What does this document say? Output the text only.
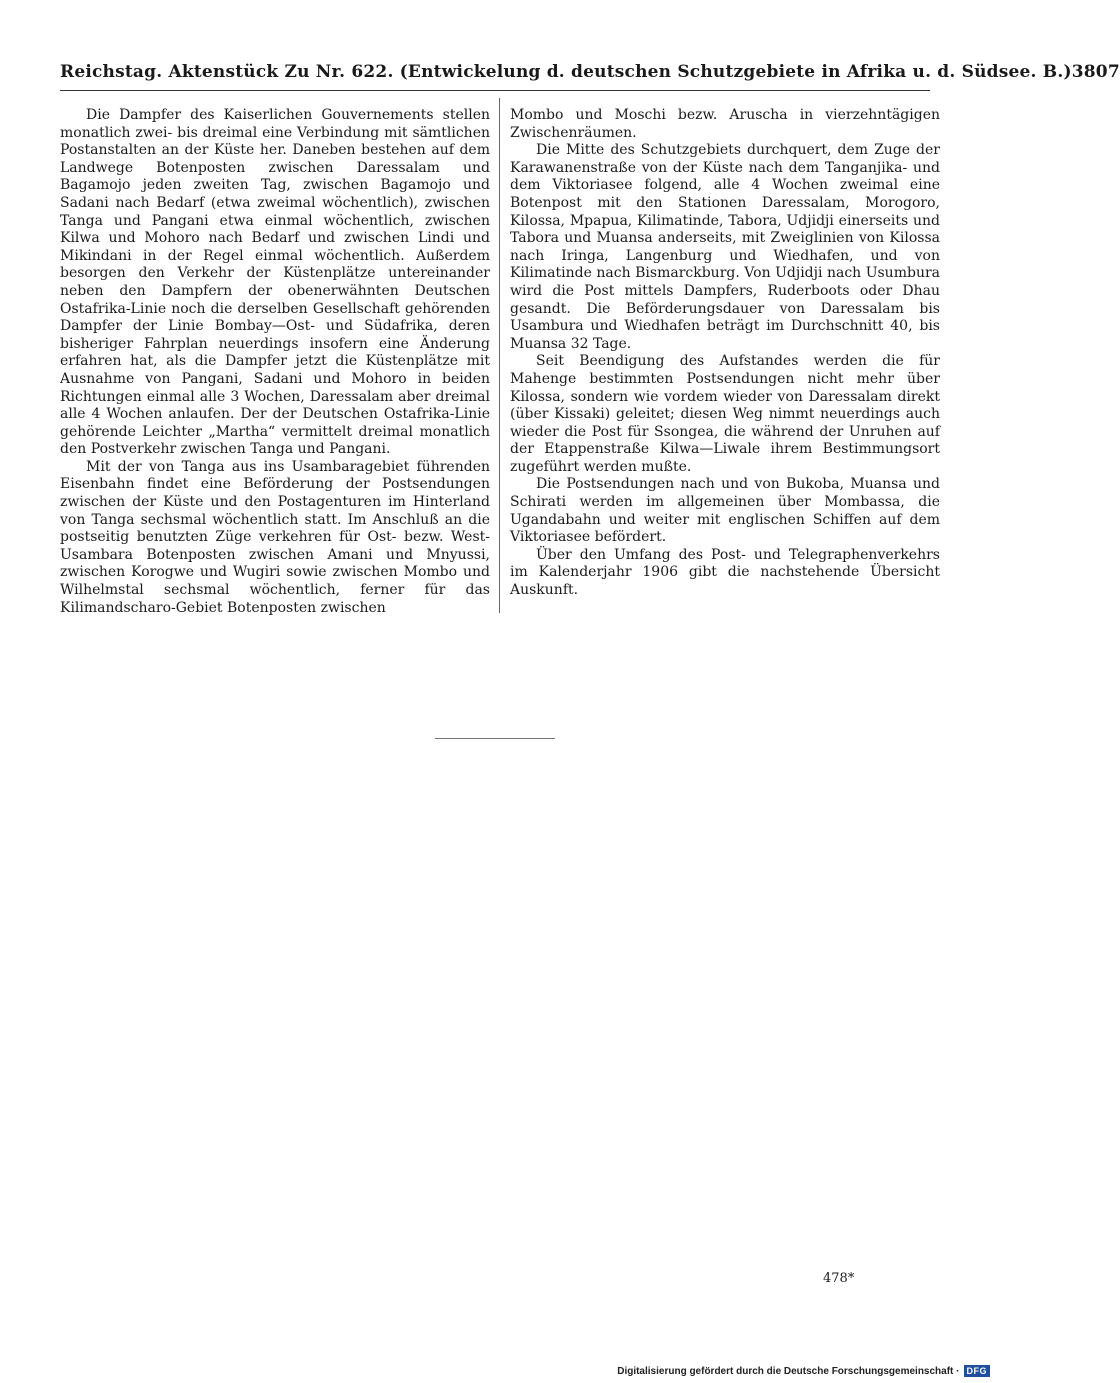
Reichstag. Aktenstück Zu Nr. 622. (Entwickelung d. deutschen Schutzgebiete in Afrika u. d. Südsee. B.) 3807

Die Dampfer des Kaiserlichen Gouvernements stellen monatlich zwei- bis dreimal eine Verbindung mit sämtlichen Postanstalten an der Küste her. Daneben bestehen auf dem Landwege Botenposten zwischen Daressalam und Bagamojo jeden zweiten Tag, zwischen Bagamojo und Sadani nach Bedarf (etwa zweimal wöchentlich), zwischen Tanga und Pangani etwa einmal wöchentlich, zwischen Kilwa und Mohoro nach Bedarf und zwischen Lindi und Mikindani in der Regel einmal wöchentlich. Außerdem besorgen den Verkehr der Küstenplätze untereinander neben den Dampfern der obenerwähnten Deutschen Ostafrika-Linie noch die derselben Gesellschaft gehörenden Dampfer der Linie Bombay—Ost- und Südafrika, deren bisheriger Fahrplan neuerdings insofern eine Änderung erfahren hat, als die Dampfer jetzt die Küstenplätze mit Ausnahme von Pangani, Sadani und Mohoro in beiden Richtungen einmal alle 3 Wochen, Daressalam aber dreimal alle 4 Wochen anlaufen. Der der Deutschen Ostafrika-Linie gehörende Leichter „Martha“ vermittelt dreimal monatlich den Postverkehr zwischen Tanga und Pangani.

Mit der von Tanga aus ins Usambaragebiet führenden Eisenbahn findet eine Beförderung der Postsendungen zwischen der Küste und den Postagenturen im Hinterland von Tanga sechsmal wöchentlich statt. Im Anschluß an die postseitig benutzten Züge verkehren für Ost- bezw. West-Usambara Botenposten zwischen Amani und Mnyussi, zwischen Korogwe und Wugiri sowie zwischen Mombo und Wilhelmstal sechsmal wöchentlich, ferner für das Kilimandscharo-Gebiet Botenposten zwischen

Mombo und Moschi bezw. Aruscha in vierzehntägigen Zwischenräumen.

Die Mitte des Schutzgebiets durchquert, dem Zuge der Karawanenstraße von der Küste nach dem Tanganjika- und dem Viktoriasee folgend, alle 4 Wochen zweimal eine Botenpost mit den Stationen Daressalam, Morogoro, Kilossa, Mpapua, Kilimatinde, Tabora, Udjidji einerseits und Tabora und Muansa anderseits, mit Zweiglinien von Kilossa nach Iringa, Langenburg und Wiedhafen, und von Kilimatinde nach Bismarckburg. Von Udjidji nach Usumbura wird die Post mittels Dampfers, Ruderboots oder Dhau gesandt. Die Beförderungsdauer von Daressalam bis Usambura und Wiedhafen beträgt im Durchschnitt 40, bis Muansa 32 Tage.

Seit Beendigung des Aufstandes werden die für Mahenge bestimmten Postsendungen nicht mehr über Kilossa, sondern wie vordem wieder von Daressalam direkt (über Kissaki) geleitet; diesen Weg nimmt neuerdings auch wieder die Post für Ssongea, die während der Unruhen auf der Etappenstraße Kilwa—Liwale ihrem Bestimmungsort zugeführt werden mußte.

Die Postsendungen nach und von Bukoba, Muansa und Schirati werden im allgemeinen über Mombassa, die Ugandabahn und weiter mit englischen Schiffen auf dem Viktoriasee befördert.

Über den Umfang des Post- und Telegraphenverkehrs im Kalenderjahr 1906 gibt die nachstehende Übersicht Auskunft.

478*
Digitalisierung gefördert durch die Deutsche Forschungsgemeinschaft · DFG
